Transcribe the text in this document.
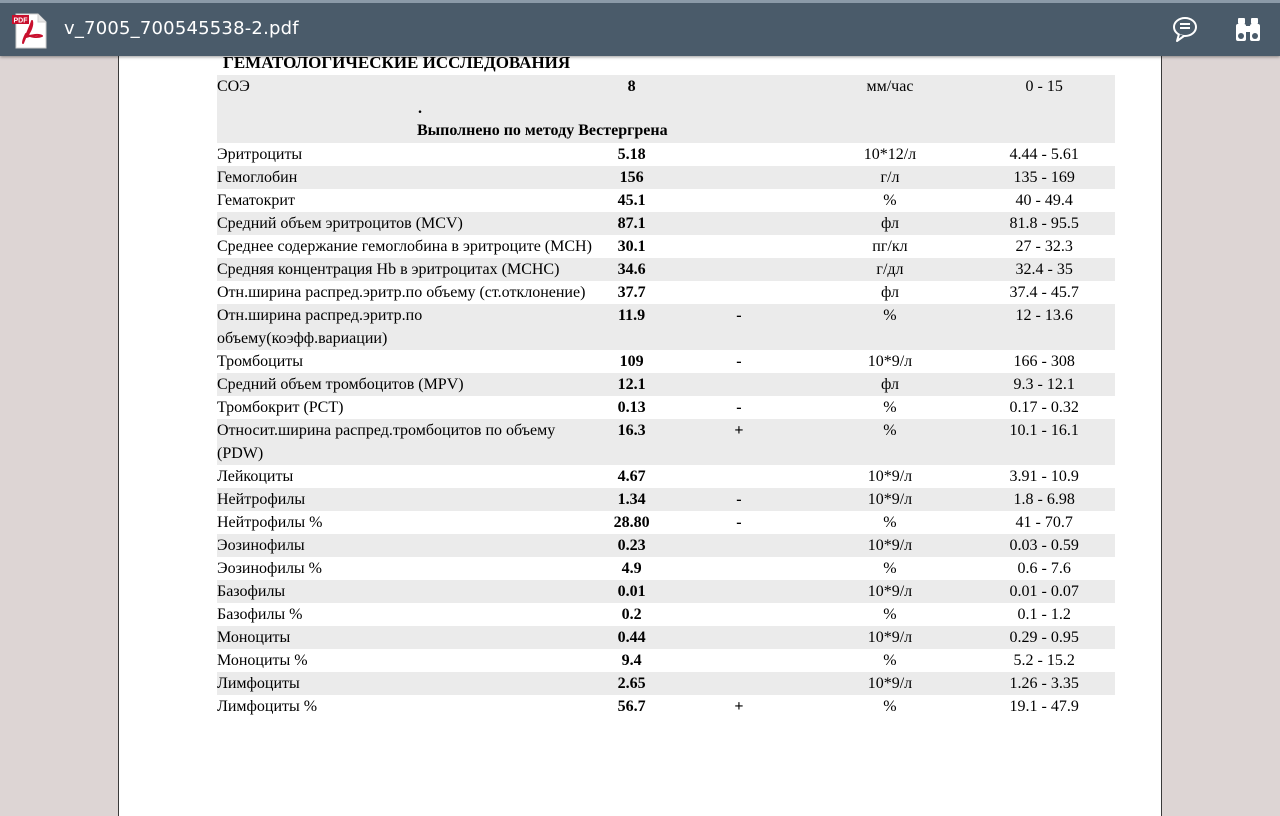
PDF v_7005_700545538-2.pdf
ГЕМАТОЛОГИЧЕСКИЕ ИССЛЕДОВАНИЯ
СОЭ	8		мм/час	0 - 15
Эритроциты	5.18		10*12/л	4.44 - 5.61
Гемоглобин	156		г/л	135 - 169
Гематокрит	45.1		%	40 - 49.4
Средний объем эритроцитов (MCV)	87.1		фл	81.8 - 95.5
Среднее содержание гемоглобина в эритроците (MCH)	30.1		пг/кл	27 - 32.3
Средняя концентрация Hb в эритроцитах (MCHC)	34.6		г/дл	32.4 - 35
Отн.ширина распред.эритр.по объему (ст.отклонение)	37.7		фл	37.4 - 45.7
Отн.ширина распред.эритр.по объему(коэфф.вариации)	11.9	-	%	12 - 13.6
Тромбоциты	109	-	10*9/л	166 - 308
Средний объем тромбоцитов (MPV)	12.1		фл	9.3 - 12.1
Тромбокрит (PCT)	0.13	-	%	0.17 - 0.32
Относит.ширина распред.тромбоцитов по объему (PDW)	16.3	+	%	10.1 - 16.1
Лейкоциты	4.67		10*9/л	3.91 - 10.9
Нейтрофилы	1.34	-	10*9/л	1.8 - 6.98
Нейтрофилы %	28.80	-	%	41 - 70.7
Эозинофилы	0.23		10*9/л	0.03 - 0.59
Эозинофилы %	4.9		%	0.6 - 7.6
Базофилы	0.01		10*9/л	0.01 - 0.07
Базофилы %	0.2		%	0.1 - 1.2
Моноциты	0.44		10*9/л	0.29 - 0.95
Моноциты %	9.4		%	5.2 - 15.2
Лимфоциты	2.65		10*9/л	1.26 - 3.35
Лимфоциты %	56.7	+	%	19.1 - 47.9
.
Выполнено по методу Вестергрена
